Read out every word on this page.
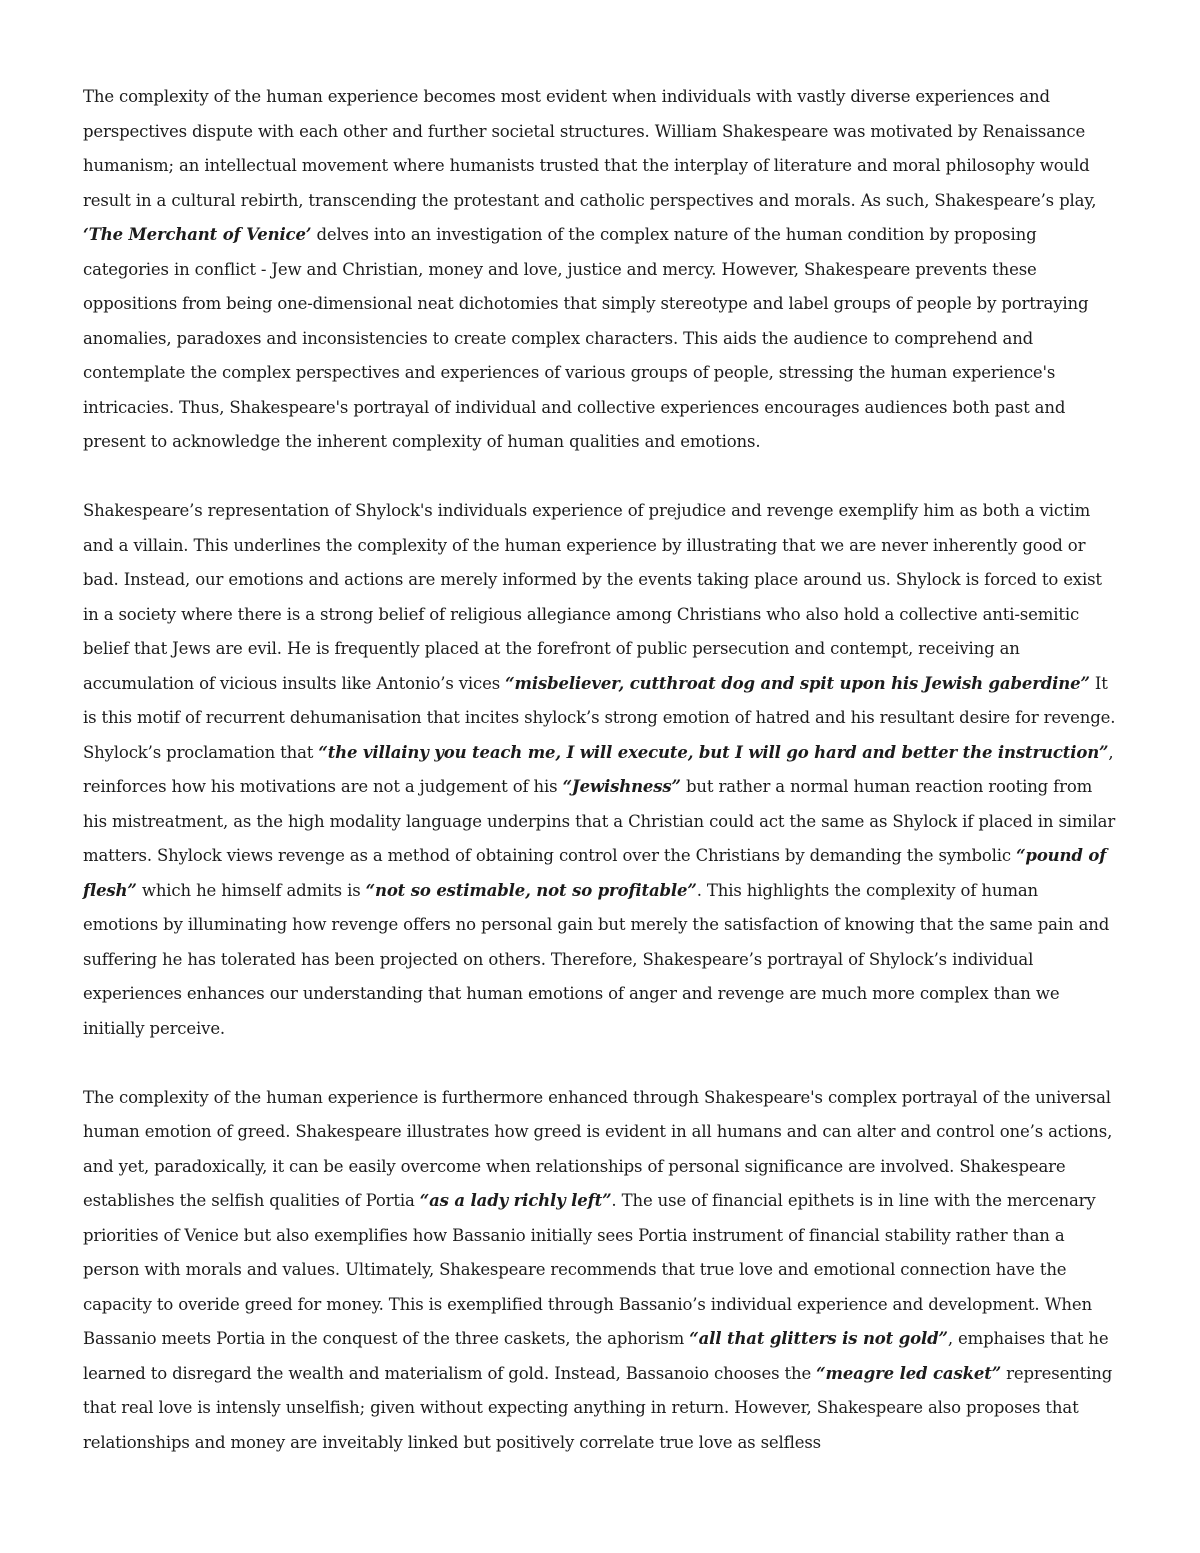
The complexity of the human experience becomes most evident when individuals with vastly diverse experiences and perspectives dispute with each other and further societal structures. William Shakespeare was motivated by Renaissance humanism; an intellectual movement where humanists trusted that the interplay of literature and moral philosophy would result in a cultural rebirth, transcending the protestant and catholic perspectives and morals. As such, Shakespeare’s play, ‘The Merchant of Venice’ delves into an investigation of the complex nature of the human condition by proposing categories in conflict - Jew and Christian, money and love, justice and mercy. However, Shakespeare prevents these oppositions from being one-dimensional neat dichotomies that simply stereotype and label groups of people by portraying anomalies, paradoxes and inconsistencies to create complex characters. This aids the audience to comprehend and contemplate the complex perspectives and experiences of various groups of people, stressing the human experience's intricacies. Thus, Shakespeare's portrayal of individual and collective experiences encourages audiences both past and present to acknowledge the inherent complexity of human qualities and emotions.

Shakespeare’s representation of Shylock's individuals experience of prejudice and revenge exemplify him as both a victim and a villain. This underlines the complexity of the human experience by illustrating that we are never inherently good or bad. Instead, our emotions and actions are merely informed by the events taking place around us. Shylock is forced to exist in a society where there is a strong belief of religious allegiance among Christians who also hold a collective anti-semitic belief that Jews are evil. He is frequently placed at the forefront of public persecution and contempt, receiving an accumulation of vicious insults like Antonio’s vices “misbeliever, cutthroat dog and spit upon his Jewish gaberdine” It is this motif of recurrent dehumanisation that incites shylock’s strong emotion of hatred and his resultant desire for revenge. Shylock’s proclamation that “the villainy you teach me, I will execute, but I will go hard and better the instruction”, reinforces how his motivations are not a judgement of his “Jewishness” but rather a normal human reaction rooting from his mistreatment, as the high modality language underpins that a Christian could act the same as Shylock if placed in similar matters. Shylock views revenge as a method of obtaining control over the Christians by demanding the symbolic “pound of flesh” which he himself admits is “not so estimable, not so profitable”. This highlights the complexity of human emotions by illuminating how revenge offers no personal gain but merely the satisfaction of knowing that the same pain and suffering he has tolerated has been projected on others. Therefore, Shakespeare’s portrayal of Shylock’s individual experiences enhances our understanding that human emotions of anger and revenge are much more complex than we initially perceive.

The complexity of the human experience is furthermore enhanced through Shakespeare's complex portrayal of the universal human emotion of greed. Shakespeare illustrates how greed is evident in all humans and can alter and control one’s actions, and yet, paradoxically, it can be easily overcome when relationships of personal significance are involved. Shakespeare establishes the selfish qualities of Portia “as a lady richly left”. The use of financial epithets is in line with the mercenary priorities of Venice but also exemplifies how Bassanio initially sees Portia instrument of financial stability rather than a person with morals and values. Ultimately, Shakespeare recommends that true love and emotional connection have the capacity to overide greed for money. This is exemplified through Bassanio’s individual experience and development. When Bassanio meets Portia in the conquest of the three caskets, the aphorism “all that glitters is not gold”, emphaises that he learned to disregard the wealth and materialism of gold. Instead, Bassanoio chooses the “meagre led casket” representing that real love is intensly unselfish; given without expecting anything in return. However, Shakespeare also proposes that relationships and money are inveitably linked but positively correlate true love as selfless
